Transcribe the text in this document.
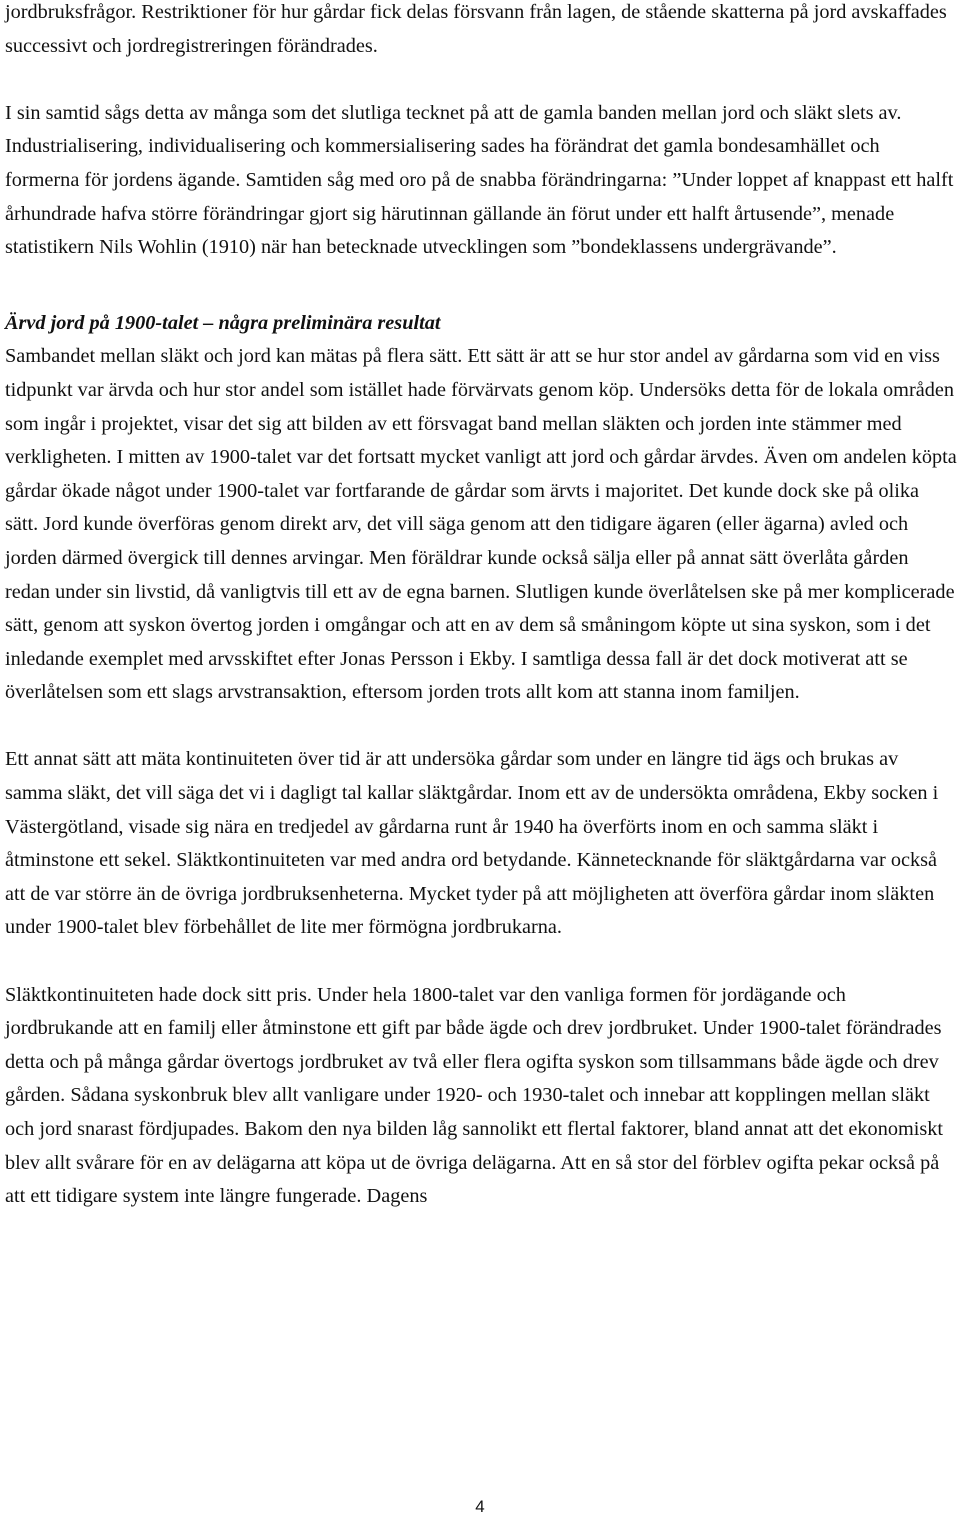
jordbruksfrågor. Restriktioner för hur gårdar fick delas försvann från lagen, de stående skatterna på jord avskaffades successivt och jordregistreringen förändrades.

I sin samtid sågs detta av många som det slutliga tecknet på att de gamla banden mellan jord och släkt slets av. Industrialisering, individualisering och kommersialisering sades ha förändrat det gamla bondesamhället och formerna för jordens ägande. Samtiden såg med oro på de snabba förändringarna: ”Under loppet af knappast ett halft århundrade hafva större förändringar gjort sig härutinnan gällande än förut under ett halft årtusende”, menade statistikern Nils Wohlin (1910) när han betecknade utvecklingen som ”bondeklassens undergrävande”.

Ärvd jord på 1900-talet – några preliminära resultat

Sambandet mellan släkt och jord kan mätas på flera sätt. Ett sätt är att se hur stor andel av gårdarna som vid en viss tidpunkt var ärvda och hur stor andel som istället hade förvärvats genom köp. Undersöks detta för de lokala områden som ingår i projektet, visar det sig att bilden av ett försvagat band mellan släkten och jorden inte stämmer med verkligheten. I mitten av 1900-talet var det fortsatt mycket vanligt att jord och gårdar ärvdes. Även om andelen köpta gårdar ökade något under 1900-talet var fortfarande de gårdar som ärvts i majoritet. Det kunde dock ske på olika sätt. Jord kunde överföras genom direkt arv, det vill säga genom att den tidigare ägaren (eller ägarna) avled och jorden därmed övergick till dennes arvingar. Men föräldrar kunde också sälja eller på annat sätt överlåta gården redan under sin livstid, då vanligtvis till ett av de egna barnen. Slutligen kunde överlåtelsen ske på mer komplicerade sätt, genom att syskon övertog jorden i omgångar och att en av dem så småningom köpte ut sina syskon, som i det inledande exemplet med arvsskiftet efter Jonas Persson i Ekby. I samtliga dessa fall är det dock motiverat att se överlåtelsen som ett slags arvstransaktion, eftersom jorden trots allt kom att stanna inom familjen.

Ett annat sätt att mäta kontinuiteten över tid är att undersöka gårdar som under en längre tid ägs och brukas av samma släkt, det vill säga det vi i dagligt tal kallar släktgårdar. Inom ett av de undersökta områdena, Ekby socken i Västergötland, visade sig nära en tredjedel av gårdarna runt år 1940 ha överförts inom en och samma släkt i åtminstone ett sekel. Släktkontinuiteten var med andra ord betydande. Kännetecknande för släktgårdarna var också att de var större än de övriga jordbruksenheterna. Mycket tyder på att möjligheten att överföra gårdar inom släkten under 1900-talet blev förbehållet de lite mer förmögna jordbrukarna.

Släktkontinuiteten hade dock sitt pris. Under hela 1800-talet var den vanliga formen för jordägande och jordbrukande att en familj eller åtminstone ett gift par både ägde och drev jordbruket. Under 1900-talet förändrades detta och på många gårdar övertogs jordbruket av två eller flera ogifta syskon som tillsammans både ägde och drev gården. Sådana syskonbruk blev allt vanligare under 1920- och 1930-talet och innebar att kopplingen mellan släkt och jord snarast fördjupades. Bakom den nya bilden låg sannolikt ett flertal faktorer, bland annat att det ekonomiskt blev allt svårare för en av delägarna att köpa ut de övriga delägarna. Att en så stor del förblev ogifta pekar också på att ett tidigare system inte längre fungerade. Dagens

4
